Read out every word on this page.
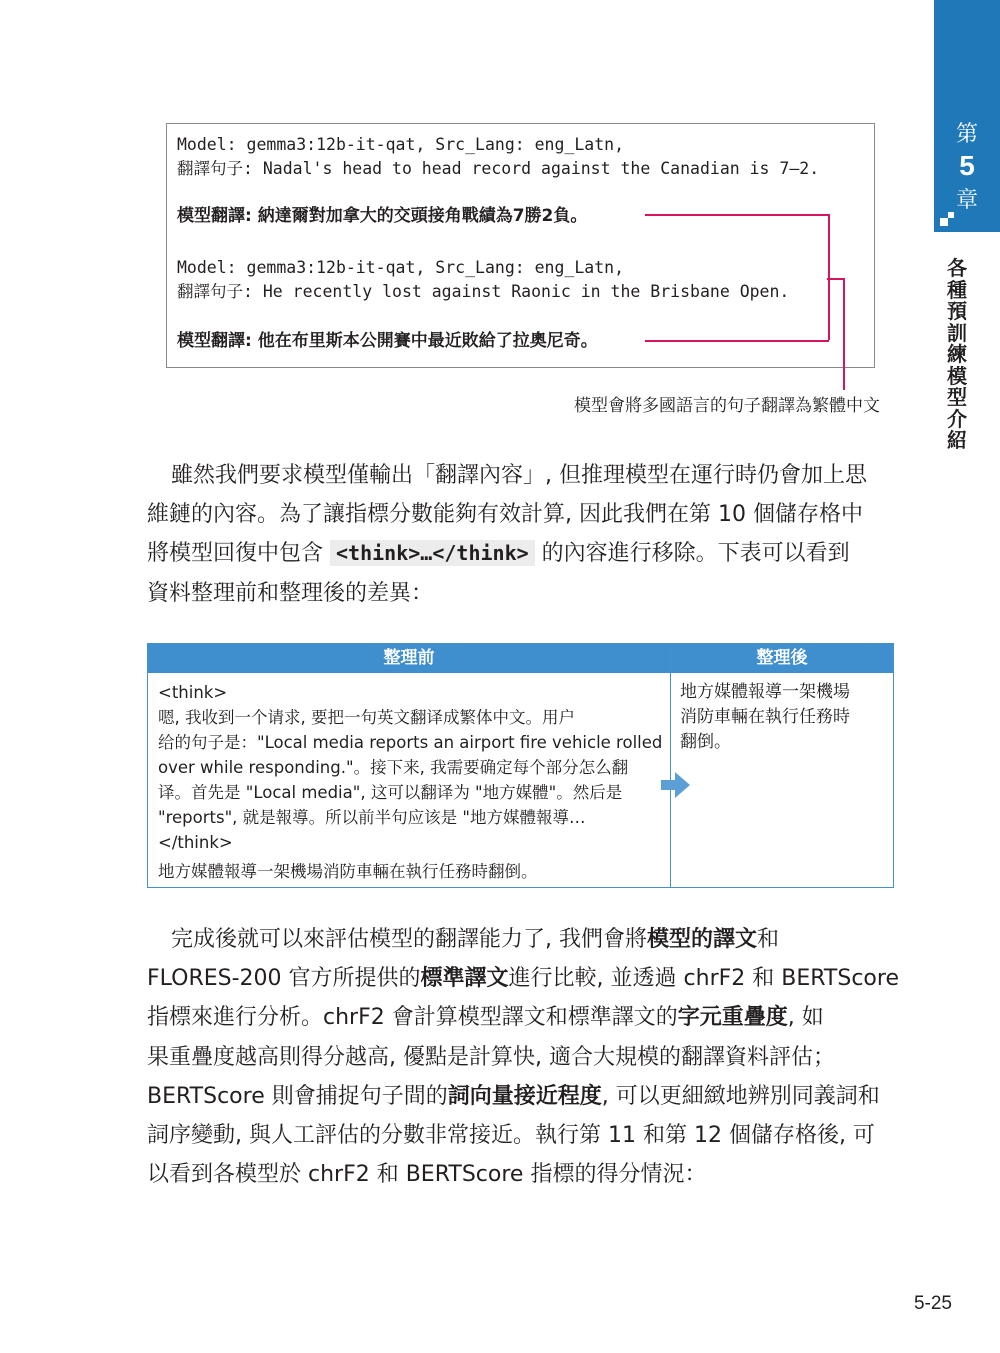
第
5
章
各種預訓練模型介紹
Model: gemma3:12b-it-qat, Src_Lang: eng_Latn,
翻譯句子: Nadal's head to head record against the Canadian is 7–2.
模型翻譯: 納達爾對加拿大的交頭接角戰績為7勝2負。
Model: gemma3:12b-it-qat, Src_Lang: eng_Latn,
翻譯句子: He recently lost against Raonic in the Brisbane Open.
模型翻譯: 他在布里斯本公開賽中最近敗給了拉奧尼奇。
模型會將多國語言的句子翻譯為繁體中文
雖然我們要求模型僅輸出「翻譯內容」, 但推理模型在運行時仍會加上思
維鏈的內容。為了讓指標分數能夠有效計算, 因此我們在第 10 個儲存格中
將模型回復中包含 <think>…</think> 的內容進行移除。下表可以看到
資料整理前和整理後的差異：
整理前	整理後
<think>
嗯, 我收到一个请求, 要把一句英文翻译成繁体中文。用户
给的句子是："Local media reports an airport fire vehicle rolled
over while responding."。接下来, 我需要确定每个部分怎么翻
译。首先是 "Local media", 这可以翻译为 "地方媒體"。然后是
"reports", 就是報導。所以前半句应该是 "地方媒體報導…
</think>
地方媒體報導一架機場消防車輛在執行任務時翻倒。
地方媒體報導一架機場
消防車輛在執行任務時
翻倒。
完成後就可以來評估模型的翻譯能力了, 我們會將模型的譯文和
FLORES-200 官方所提供的標準譯文進行比較, 並透過 chrF2 和 BERTScore
指標來進行分析。chrF2 會計算模型譯文和標準譯文的字元重疊度, 如
果重疊度越高則得分越高, 優點是計算快, 適合大規模的翻譯資料評估；
BERTScore 則會捕捉句子間的詞向量接近程度, 可以更細緻地辨別同義詞和
詞序變動, 與人工評估的分數非常接近。執行第 11 和第 12 個儲存格後, 可
以看到各模型於 chrF2 和 BERTScore 指標的得分情況：
5-25
